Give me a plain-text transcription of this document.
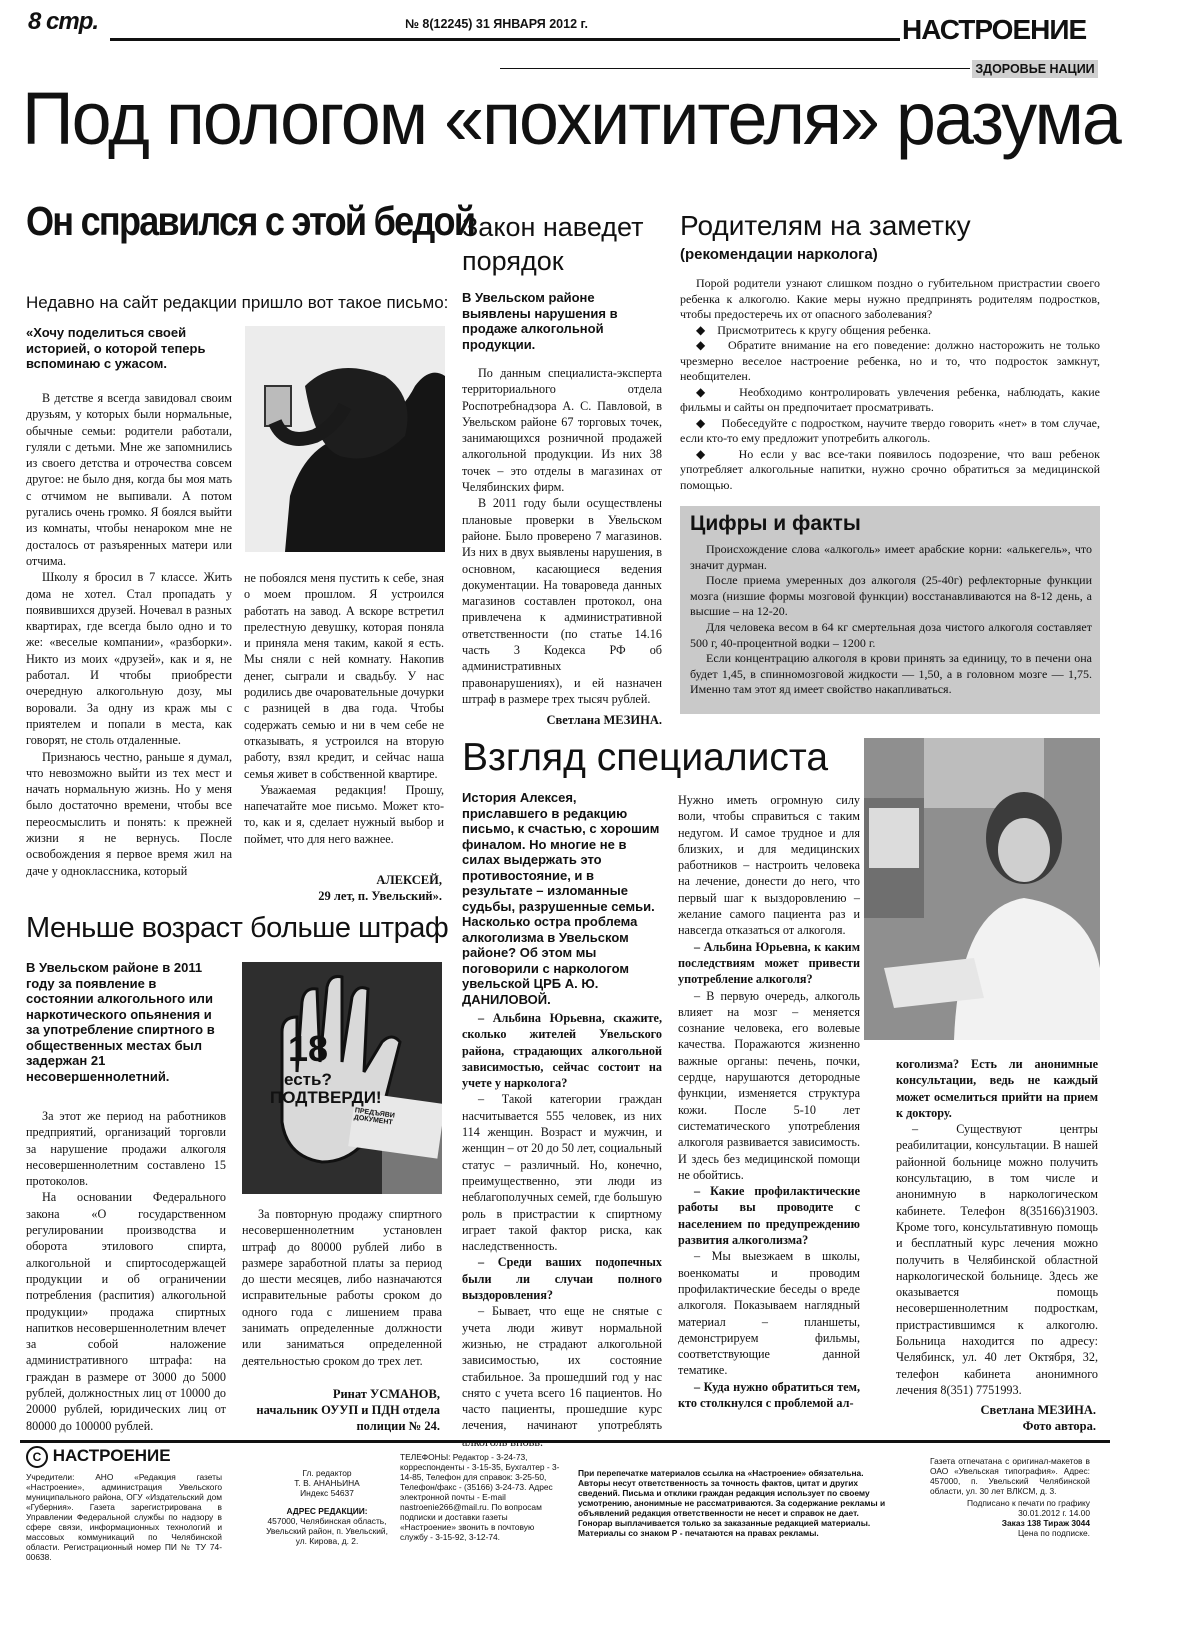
8 стр.	№ 8(12245) 31 ЯНВАРЯ 2012 г.	НАСТРОЕНИЕ
ЗДОРОВЬЕ НАЦИИ
Под пологом «похитителя» разума
Он справился с этой бедой
Недавно на сайт редакции пришло вот такое письмо:
«Хочу поделиться своей историей, о которой теперь вспоминаю с ужасом.

В детстве я всегда завидовал своим друзьям, у которых были нормальные, обычные семьи: родители работали, гуляли с детьми. Мне же запомнились из своего детства и отрочества совсем другое: не было дня, когда бы моя мать с отчимом не выпивали. А потом ругались очень громко. Я боялся выйти из комнаты, чтобы ненароком мне не досталось от разъяренных матери или отчима.

Школу я бросил в 7 классе. Жить дома не хотел. Стал пропадать у появившихся друзей. Ночевал в разных квартирах, где всегда было одно и то же: «веселые компании», «разборки». Никто из моих «друзей», как и я, не работал. И чтобы приобрести очередную алкогольную дозу, мы воровали. За одну из краж мы с приятелем и попали в места, как говорят, не столь отдаленные.

Признаюсь честно, раньше я думал, что невозможно выйти из тех мест и начать нормальную жизнь. Но у меня было достаточно времени, чтобы все переосмыслить и понять: к прежней жизни я не вернусь. После освобождения я первое время жил на даче у одноклассника, который

не побоялся меня пустить к себе, зная о моем прошлом. Я устроился работать на завод. А вскоре встретил прелестную девушку, которая поняла и приняла меня таким, какой я есть. Мы сняли с ней комнату. Накопив денег, сыграли и свадьбу. У нас родились две очаровательные дочурки с разницей в два года. Чтобы содержать семью и ни в чем себе не отказывать, я устроился на вторую работу, взял кредит, и сейчас наша семья живет в собственной квартире.

Уважаемая редакция! Прошу, напечатайте мое письмо. Может кто-то, как и я, сделает нужный выбор и поймет, что для него важнее.

АЛЕКСЕЙ,
29 лет, п. Увельский».
Закон наведет порядок
В Увельском районе выявлены нарушения в продаже алкогольной продукции.

По данным специалиста-эксперта территориального отдела Роспотребнадзора А. С. Павловой, в Увельском районе 67 торговых точек, занимающихся розничной продажей алкогольной продукции. Из них 38 точек – это отделы в магазинах от Челябинских фирм.

В 2011 году были осуществлены плановые проверки в Увельском районе. Было проверено 7 магазинов. Из них в двух выявлены нарушения, в основном, касающиеся ведения документации. На товароведа данных магазинов составлен протокол, она привлечена к административной ответственности (по статье 14.16 часть 3 Кодекса РФ об административных правонарушениях), и ей назначен штраф в размере трех тысяч рублей.

Светлана МЕЗИНА.
Родителям на заметку
(рекомендации нарколога)

Порой родители узнают слишком поздно о губительном пристрастии своего ребенка к алкоголю. Какие меры нужно предпринять родителям подростков, чтобы предостеречь их от опасного заболевания?

◆    Присмотритесь к кругу общения ребенка.

◆    Обратите внимание на его поведение: должно насторожить не только чрезмерно веселое настроение ребенка, но и то, что подросток замкнут, необщителен.

◆    Необходимо контролировать увлечения ребенка, наблюдать, какие фильмы и сайты он предпочитает просматривать.

◆    Побеседуйте с подростком, научите твердо говорить «нет» в том случае, если кто-то ему предложит употребить алкоголь.

◆    Но если у вас все-таки появилось подозрение, что ваш ребенок употребляет алкогольные напитки, нужно срочно обратиться за медицинской помощью.

Цифры и факты

Происхождение слова «алкоголь» имеет арабские корни: «алькегель», что значит дурман.

После приема умеренных доз алкоголя (25-40г) рефлекторные функции мозга (низшие формы мозговой функции) восстанавливаются на 8-12 день, а высшие – на 12-20.

Для человека весом в 64 кг смертельная доза чистого алкоголя составляет 500 г, 40-процентной водки – 1200 г.

Если концентрацию алкоголя в крови принять за единицу, то в печени она будет 1,45, в спинномозговой жидкости — 1,50, а в головном мозге — 1,75. Именно там этот яд имеет свойство накапливаться.

Меньше возраст больше штраф
В Увельском районе в 2011 году за появление в состоянии алкогольного или наркотического опьянения и за употребление спиртного в общественных местах был задержан 21 несовершеннолетний.
18
есть?
ПОДТВЕРДИ!
ПРЕДЪЯВИ ДОКУМЕНТ

За этот же период на работников предприятий, организаций торговли за нарушение продажи алкоголя несовершеннолетним составлено 15 протоколов.

На основании Федерального закона «О государственном регулировании производства и оборота этилового спирта, алкогольной и спиртосодержащей продукции и об ограничении потребления (распития) алкогольной продукции» продажа спиртных напитков несовершеннолетним влечет за собой наложение административного штрафа: на граждан в размере от 3000 до 5000 рублей, должностных лиц от 10000 до 20000 рублей, юридических лиц от 80000 до 100000 рублей.

За повторную продажу спиртного несовершеннолетним установлен штраф до 80000 рублей либо в размере заработной платы за период до шести месяцев, либо назначаются исправительные работы сроком до одного года с лишением права занимать определенные должности или заниматься определенной деятельностью сроком до трех лет.

Ринат УСМАНОВ,
начальник ОУУП и ПДН отдела полиции № 24.
Взгляд специалиста
История Алексея, приславшего в редакцию письмо, к счастью, с хорошим финалом. Но многие не в силах выдержать это противостояние, и в результате – изломанные судьбы, разрушенные семьи. Насколько остра проблема алкоголизма в Увельском районе? Об этом мы поговорили с наркологом увельской ЦРБ А. Ю. ДАНИЛОВОЙ.

– Альбина Юрьевна, скажите, сколько жителей Увельского района, страдающих алкогольной зависимостью, сейчас состоит на учете у нарколога?

– Такой категории граждан насчитывается 555 человек, из них 114 женщин. Возраст и мужчин, и женщин – от 20 до 50 лет, социальный статус – различный. Но, конечно, преимущественно, эти люди из неблагополучных семей, где большую роль в пристрастии к спиртному играет такой фактор риска, как наследственность.

– Среди ваших подопечных были ли случаи полного выздоровления?

– Бывает, что еще не снятые с учета люди живут нормальной жизнью, не страдают алкогольной зависимостью, их состояние стабильное. За прошедший год у нас снято с учета всего 16 пациентов. Но часто пациенты, прошедшие курс лечения, начинают употреблять

Нужно иметь огромную силу воли, чтобы справиться с таким недугом. И самое трудное и для близких, и для медицинских работников – настроить человека на лечение, донести до него, что первый шаг к выздоровлению – желание самого пациента раз и навсегда отказаться от алкоголя.

– Альбина Юрьевна, к каким последствиям может привести употребление алкоголя?

– В первую очередь, алкоголь влияет на мозг – меняется сознание человека, его волевые качества. Поражаются жизненно важные органы: печень, почки, сердце, нарушаются детородные функции, изменяется структура кожи. После 5-10 лет систематического употребления алкоголя развивается зависимость. И здесь без медицинской помощи не обойтись.

– Какие профилактические работы вы проводите с населением по предупреждению развития алкоголизма?

– Мы выезжаем в школы, военкоматы и проводим профилактические беседы о вреде алкоголя. Показываем наглядный материал – планшеты, демонстрируем фильмы, соответствующие данной тематике.

– Куда нужно обратиться тем, кто столкнулся с проблемой ал-

коголизма? Есть ли анонимные консультации, ведь не каждый может осмелиться прийти на прием к доктору.

– Существуют центры реабилитации, консультации. В нашей районной больнице можно получить консультацию, в том числе и анонимную в наркологическом кабинете. Телефон 8(35166)31903. Кроме того, консультативную помощь и бесплатный курс лечения можно получить в Челябинской областной наркологической больнице. Здесь же оказывается помощь несовершеннолетним подросткам, пристрастившимся к алкоголю. Больница находится по адресу: Челябинск, ул. 40 лет Октября, 32, телефон кабинета анонимного лечения 8(351) 7751993.

Светлана МЕЗИНА.
Фото автора.
C НАСТРОЕНИЕ

Учредители: АНО «Редакция газеты «Настроение», администрация Увельского муниципального района, ОГУ «Издательский дом «Губерния». Газета зарегистрирована в Управлении Федеральной службы по надзору в сфере связи, информационных технологий и массовых коммуникаций по Челябинской области. Регистрационный номер ПИ № ТУ 74-00638.

Гл. редактор

Т. В. АНАНЬИНА

Индекс 54637

АДРЕС РЕДАКЦИИ:

457000, Челябинская область, Увельский район, п. Увельский, ул. Кирова, д. 2.

ТЕЛЕФОНЫ: Редактор - 3-24-73, корреспонденты - 3-15-35, Бухгалтер - 3-14-85, Телефон для справок: 3-25-50, Телефон/факс - (35166) 3-24-73. Адрес электронной почты - E-mail nastroenie266@mail.ru. По вопросам подписки и доставки газеты «Настроение» звонить в почтовую службу - 3-15-92, 3-12-74.

При перепечатке материалов ссылка на «Настроение» обязательна. Авторы несут ответственность за точность фактов, цитат и других сведений. Письма и отклики граждан редакция использует по своему усмотрению, анонимные не рассматриваются. За содержание рекламы и объявлений редакция ответственности не несет и справок не дает. Гонорар выплачивается только за заказанные редакцией материалы. Материалы со знаком Р - печатаются на правах рекламы.

Газета отпечатана с оригинал-макетов в ОАО «Увельская типография». Адрес: 457000, п. Увельский Челябинской области, ул. 30 лет ВЛКСМ, д. 3.

Подписано к печати по графику 30.01.2012 г. 14.00

Заказ 138 Тираж 3044

Цена по подписке.
